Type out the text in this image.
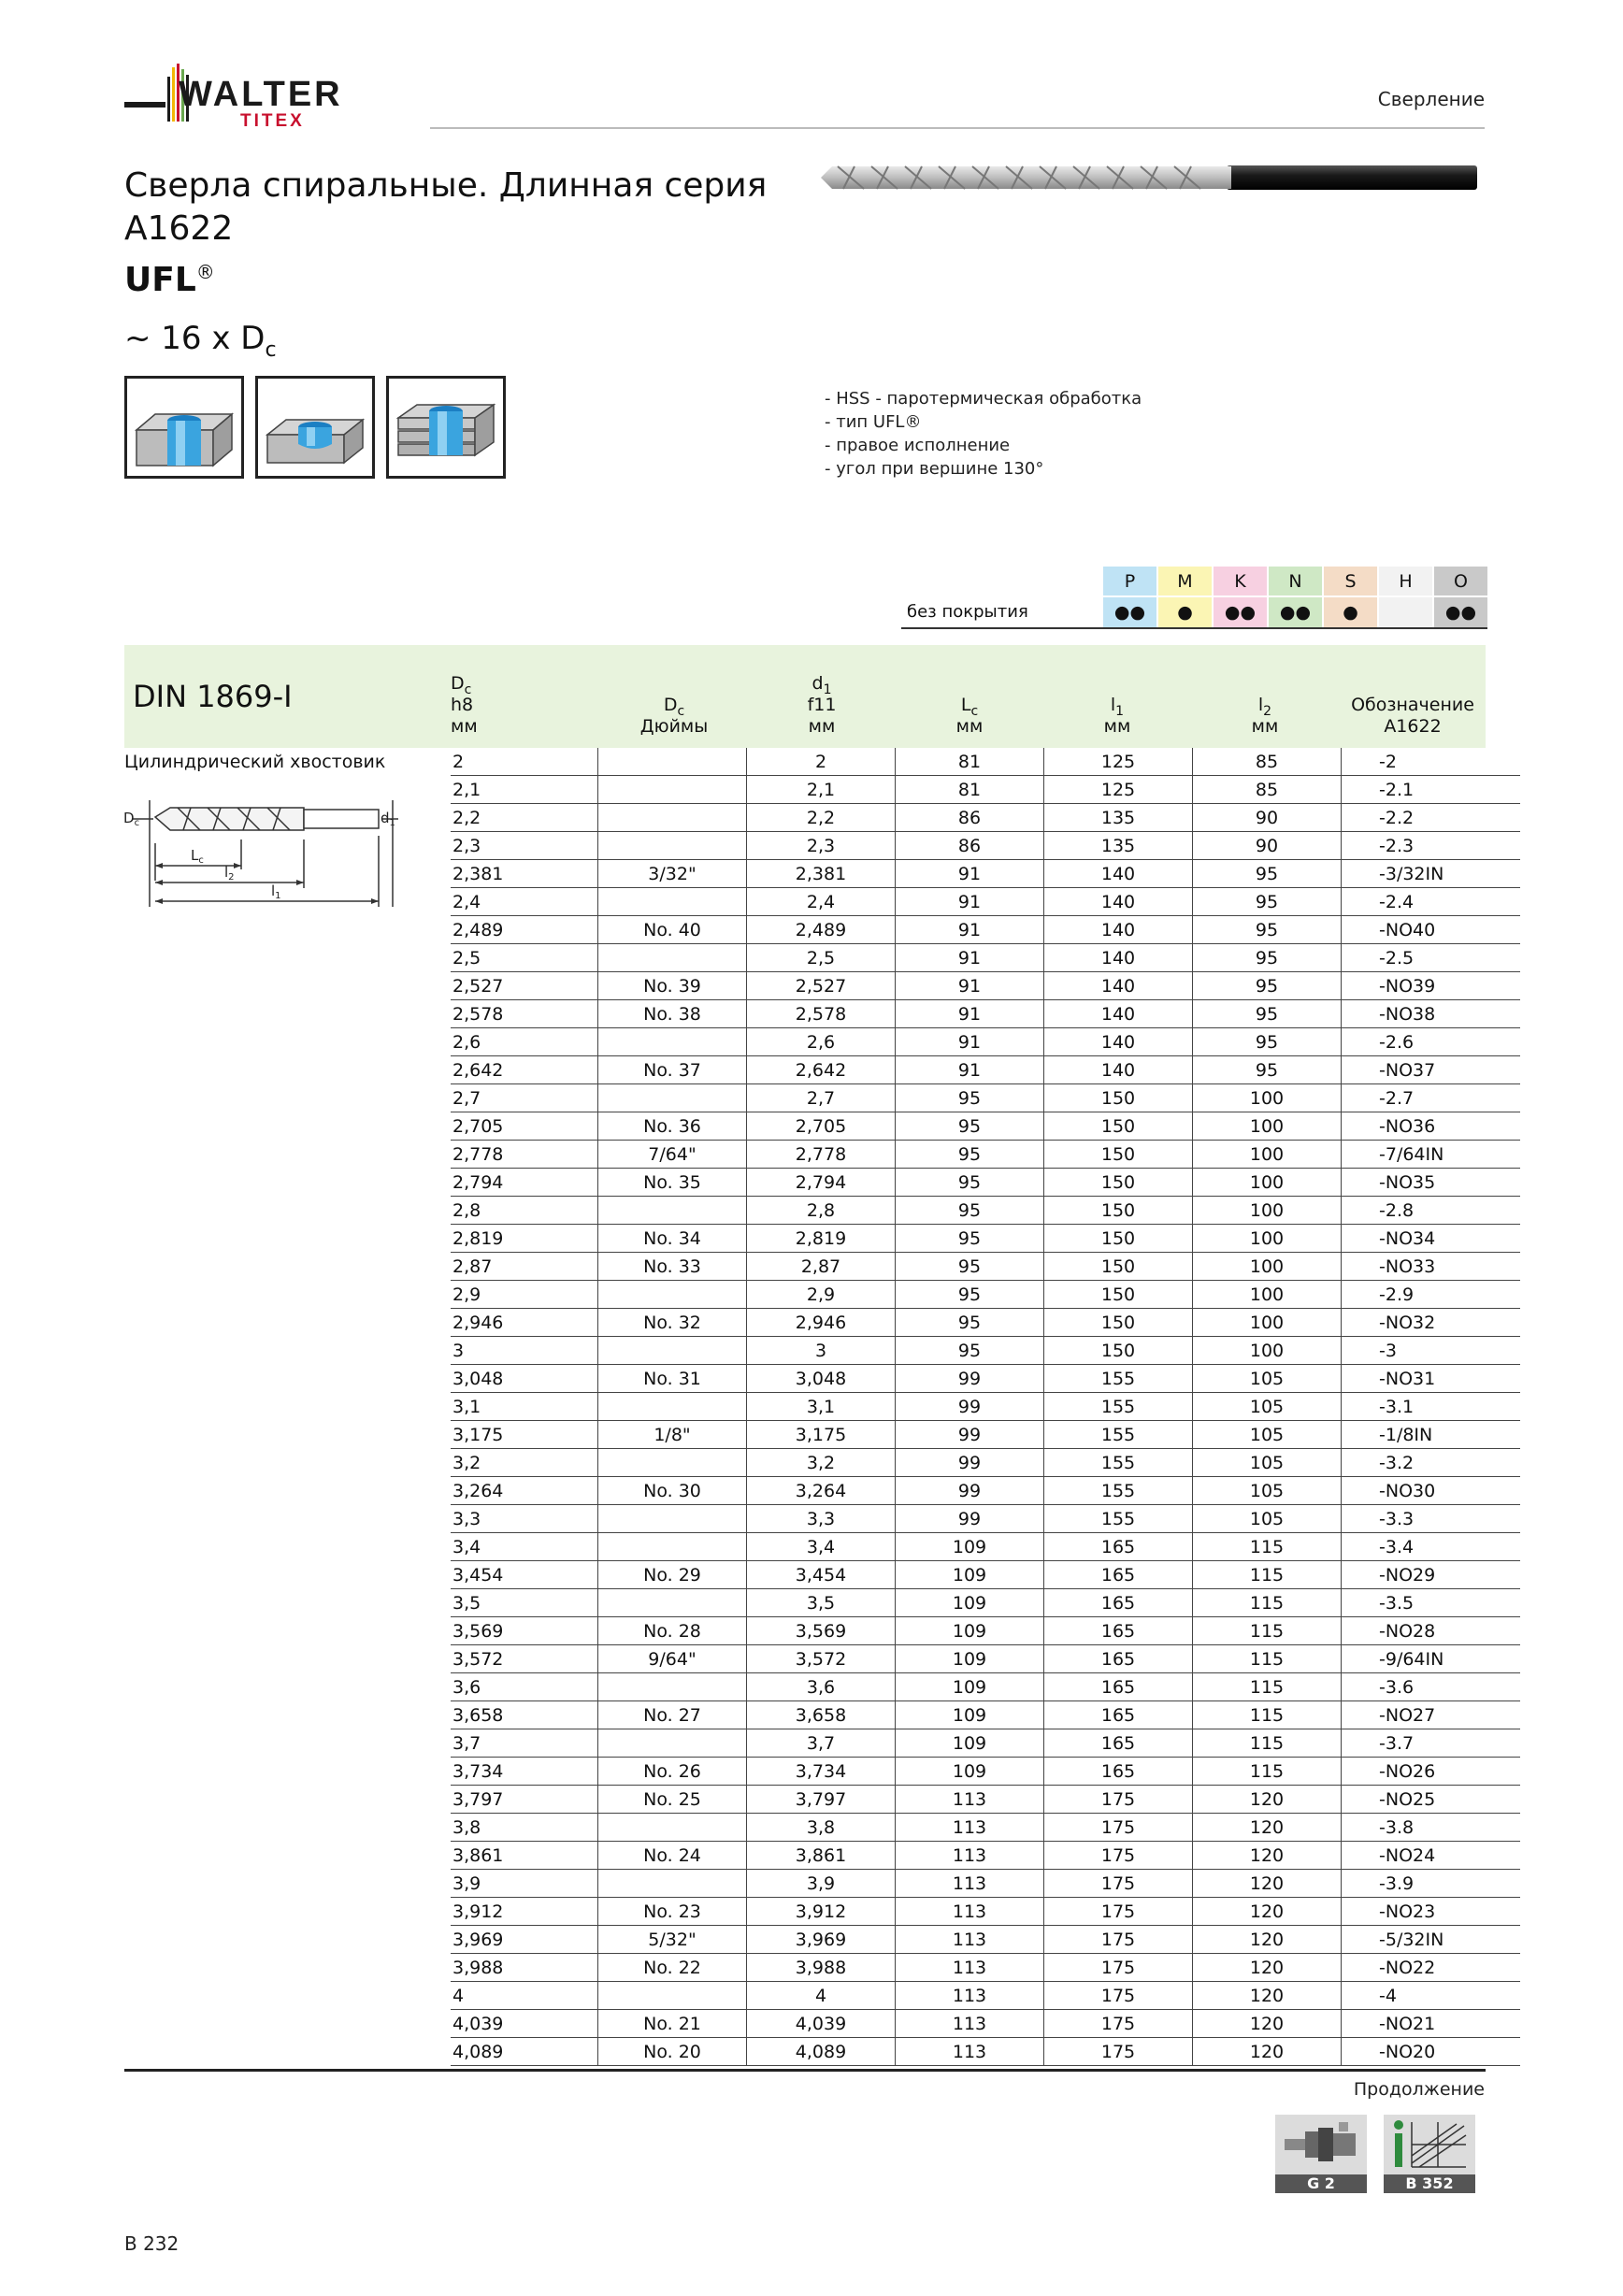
WALTER
TITEX
Сверление
Сверла спиральные. Длинная серия
A1622
UFL®
~ 16 x $D_c$
- HSS - паротермическая обработка
- тип UFL®
- правое исполнение
- угол при вершине 130°
	P	M	K	N	S	H	O
без покрытия	●●	●	●●	●●	●		●●
DIN 1869-I	$D_c$
h8
мм
$D_c$
Дюймы
$d_1$
f11
мм
$L_c$
мм
$l_1$
мм
$l_2$
мм
Обозначение
A1622
Цилиндрический хвостовик
$D_c$	$d_1$
$L_c$
$l_2$
$l_1$
2		2	81	125	85	-2
2,1		2,1	81	125	85	-2.1
2,2		2,2	86	135	90	-2.2
2,3		2,3	86	135	90	-2.3
2,381	3/32"	2,381	91	140	95	-3/32IN
2,4		2,4	91	140	95	-2.4
2,489	No. 40	2,489	91	140	95	-NO40
2,5		2,5	91	140	95	-2.5
2,527	No. 39	2,527	91	140	95	-NO39
2,578	No. 38	2,578	91	140	95	-NO38
2,6		2,6	91	140	95	-2.6
2,642	No. 37	2,642	91	140	95	-NO37
2,7		2,7	95	150	100	-2.7
2,705	No. 36	2,705	95	150	100	-NO36
2,778	7/64"	2,778	95	150	100	-7/64IN
2,794	No. 35	2,794	95	150	100	-NO35
2,8		2,8	95	150	100	-2.8
2,819	No. 34	2,819	95	150	100	-NO34
2,87	No. 33	2,87	95	150	100	-NO33
2,9		2,9	95	150	100	-2.9
2,946	No. 32	2,946	95	150	100	-NO32
3		3	95	150	100	-3
3,048	No. 31	3,048	99	155	105	-NO31
3,1		3,1	99	155	105	-3.1
3,175	1/8"	3,175	99	155	105	-1/8IN
3,2		3,2	99	155	105	-3.2
3,264	No. 30	3,264	99	155	105	-NO30
3,3		3,3	99	155	105	-3.3
3,4		3,4	109	165	115	-3.4
3,454	No. 29	3,454	109	165	115	-NO29
3,5		3,5	109	165	115	-3.5
3,569	No. 28	3,569	109	165	115	-NO28
3,572	9/64"	3,572	109	165	115	-9/64IN
3,6		3,6	109	165	115	-3.6
3,658	No. 27	3,658	109	165	115	-NO27
3,7		3,7	109	165	115	-3.7
3,734	No. 26	3,734	109	165	115	-NO26
3,797	No. 25	3,797	113	175	120	-NO25
3,8		3,8	113	175	120	-3.8
3,861	No. 24	3,861	113	175	120	-NO24
3,9		3,9	113	175	120	-3.9
3,912	No. 23	3,912	113	175	120	-NO23
3,969	5/32"	3,969	113	175	120	-5/32IN
3,988	No. 22	3,988	113	175	120	-NO22
4		4	113	175	120	-4
4,039	No. 21	4,039	113	175	120	-NO21
4,089	No. 20	4,089	113	175	120	-NO20
Продолжение
G 2	B 352
B 232
